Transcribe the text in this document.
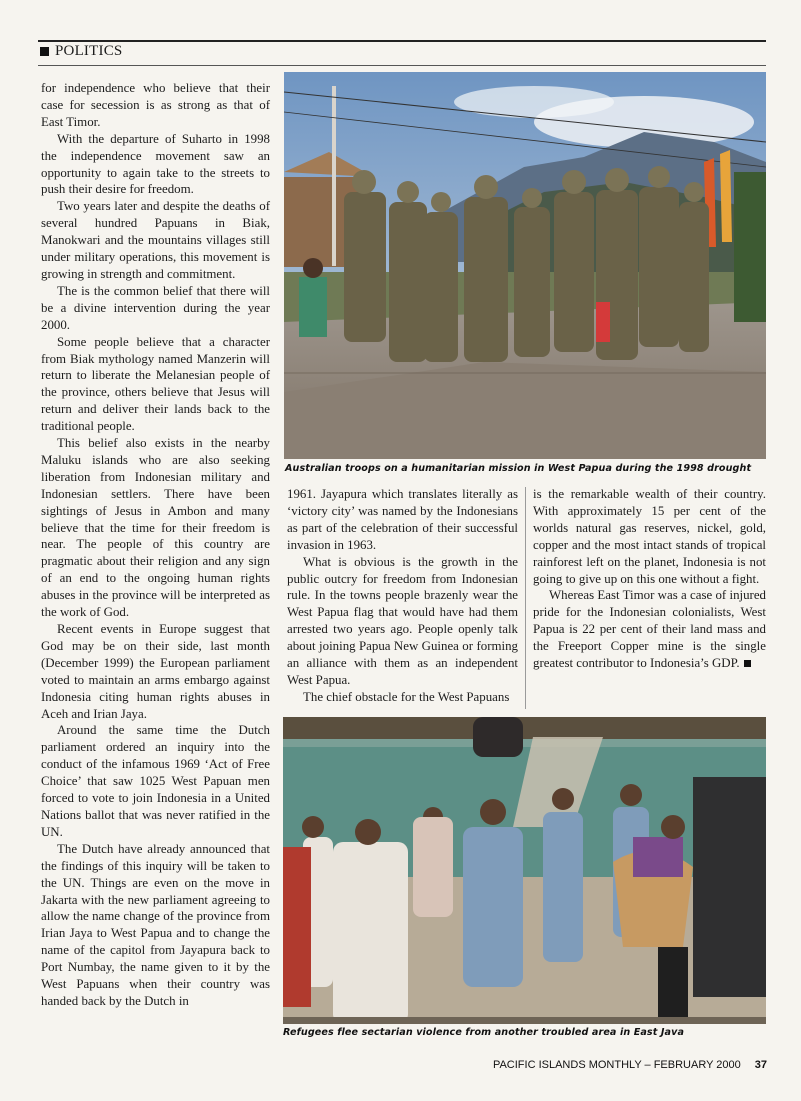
POLITICS

for independence who believe that their case for secession is as strong as that of East Timor.

With the departure of Suharto in 1998 the independence movement saw an opportunity to again take to the streets to push their desire for freedom.

Two years later and despite the deaths of several hundred Papuans in Biak, Manokwari and the mountains villages still under military operations, this movement is growing in strength and commitment.

The is the common belief that there will be a divine intervention during the year 2000.

Some people believe that a character from Biak mythology named Manzerin will return to liberate the Melanesian people of the province, others believe that Jesus will return and deliver their lands back to the traditional people.

This belief also exists in the nearby Maluku islands who are also seeking liberation from Indonesian military and Indonesian settlers. There have been sightings of Jesus in Ambon and many believe that the time for their freedom is near. The people of this country are pragmatic about their religion and any sign of an end to the ongoing human rights abuses in the province will be interpreted as the work of God.

Recent events in Europe suggest that God may be on their side, last month (December 1999) the European parliament voted to maintain an arms embargo against Indonesia citing human rights abuses in Aceh and Irian Jaya.

Around the same time the Dutch parliament ordered an inquiry into the conduct of the infamous 1969 ‘Act of Free Choice’ that saw 1025 West Papuan men forced to vote to join Indonesia in a United Nations ballot that was never ratified in the UN.

The Dutch have already announced that the findings of this inquiry will be taken to the UN. Things are even on the move in Jakarta with the new parliament agreeing to allow the name change of the province from Irian Jaya to West Papua and to change the name of the capitol from Jayapura back to Port Numbay, the name given to it by the West Papuans when their country was handed back by the Dutch in

Australian troops on a humanitarian mission in West Papua during the 1998 drought

1961. Jayapura which translates literally as ‘victory city’ was named by the Indonesians as part of the celebration of their successful invasion in 1963.

What is obvious is the growth in the public outcry for freedom from Indonesian rule. In the towns people brazenly wear the West Papua flag that would have had them arrested two years ago. People openly talk about joining Papua New Guinea or forming an alliance with them as an independent West Papua.

The chief obstacle for the West Papuans

is the remarkable wealth of their country. With approximately 15 per cent of the worlds natural gas reserves, nickel, gold, copper and the most intact stands of tropical rainforest left on the planet, Indonesia is not going to give up on this one without a fight.

Whereas East Timor was a case of injured pride for the Indonesian colonialists, West Papua is 22 per cent of their land mass and the Freeport Copper mine is the single greatest contributor to Indonesia’s GDP.

Refugees flee sectarian violence from another troubled area in East Java
PACIFIC ISLANDS MONTHLY – FEBRUARY 2000 37
